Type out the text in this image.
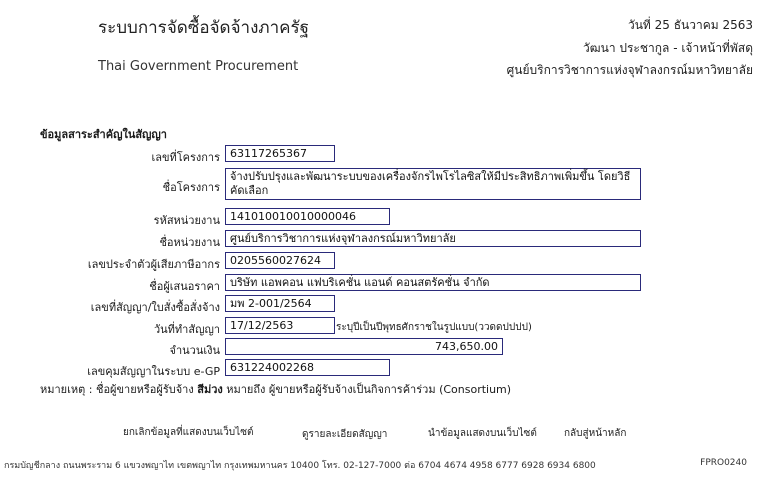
ระบบการจัดซื้อจัดจ้างภาครัฐ
Thai Government Procurement
วันที่ 25 ธันวาคม 2563
วัฒนา ประชากูล - เจ้าหน้าที่พัสดุ
ศูนย์บริการวิชาการแห่งจุฬาลงกรณ์มหาวิทยาลัย
ข้อมูลสาระสำคัญในสัญญา
เลขที่โครงการ 63117265367
ชื่อโครงการ
จ้างปรับปรุงและพัฒนาระบบของเครื่องจักรไพโรไลซิสให้มีประสิทธิภาพเพิ่มขึ้น โดยวิธีคัดเลือก
รหัสหน่วยงาน 141010010010000046
ชื่อหน่วยงาน ศูนย์บริการวิชาการแห่งจุฬาลงกรณ์มหาวิทยาลัย
เลขประจำตัวผู้เสียภาษีอากร 0205560027624
ชื่อผู้เสนอราคา บริษัท แอพคอน แฟบริเคชั่น แอนด์ คอนสตรัคชั่น จำกัด
เลขที่สัญญา/ใบสั่งซื้อสั่งจ้าง มพ 2-001/2564
วันที่ทำสัญญา 17/12/2563	ระบุปีเป็นปีพุทธศักราชในรูปแบบ(ววดดปปปป)
จำนวนเงิน	743,650.00
เลขคุมสัญญาในระบบ e-GP 631224002268
หมายเหตุ : ชื่อผู้ขายหรือผู้รับจ้าง สีม่วง หมายถึง ผู้ขายหรือผู้รับจ้างเป็นกิจการค้าร่วม (Consortium)
ยกเลิกข้อมูลที่แสดงบนเว็บไซต์	ดูรายละเอียดสัญญา	นำข้อมูลแสดงบนเว็บไซต์	กลับสู่หน้าหลัก
กรมบัญชีกลาง ถนนพระราม 6 แขวงพญาไท เขตพญาไท กรุงเทพมหานคร 10400 โทร. 02-127-7000 ต่อ 6704 4674 4958 6777 6928 6934 6800	FPRO0240
